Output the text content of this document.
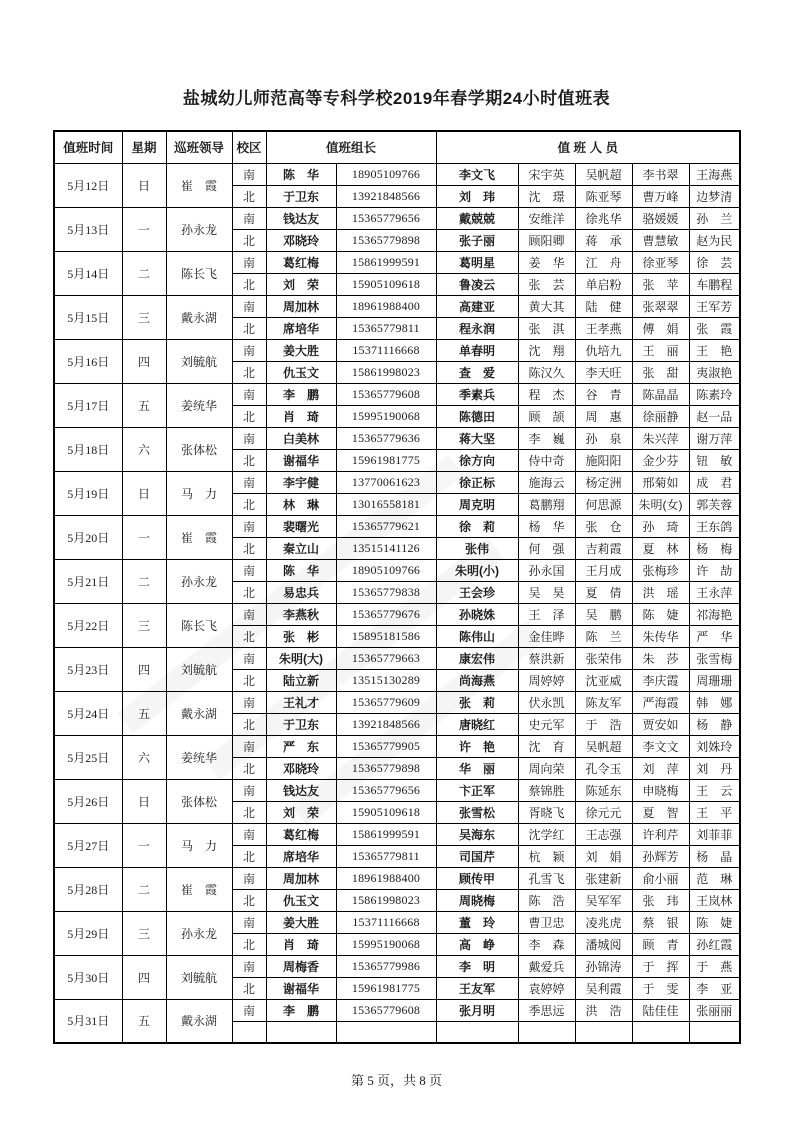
盐城幼儿师范高等专科学校2019年春学期24小时值班表
值班时间	星期	巡班领导	校区	值班组长		值 班 人 员				
5月12日	日	崔　霞	南	陈　华	18905109766	李文飞	宋宇英	吴帆超	李书翠	王海燕
			北	于卫东	13921848566	刘　玮	沈　璟	陈亚琴	曹万峰	边梦清
5月13日	一	孙永龙	南	钱达友	15365779656	戴兢兢	安维洋	徐兆华	骆媛媛	孙　兰
			北	邓晓玲	15365779898	张子丽	顾阳卿	蒋　承	曹慧敏	赵为民
5月14日	二	陈长飞	南	葛红梅	15861999591	葛明星	姜　华	江　舟	徐亚琴	徐　芸
			北	刘　荣	15905109618	鲁凌云	张　芸	单启粉	张　苹	车鹏程
5月15日	三	戴永湖	南	周加林	18961988400	高建亚	黄大其	陆　健	张翠翠	王军芳
			北	席培华	15365779811	程永润	张　淇	王孝燕	傅　娟	张　霞
5月16日	四	刘毓航	南	姜大胜	15371116668	单春明	沈　翔	仇培九	王　丽	王　艳
			北	仇玉文	15861998023	查　爱	陈汉久	李天旺	张　甜	夷淑艳
5月17日	五	姜统华	南	李　鹏	15365779608	季素兵	程　杰	谷　青	陈晶晶	陈素玲
			北	肖　琦	15995190068	陈德田	顾　颉	周　惠	徐丽静	赵一品
5月18日	六	张体松	南	白美林	15365779636	蒋大坚	李　巍	孙　泉	朱兴萍	谢万萍
			北	谢福华	15961981775	徐方向	侍中奇	施阳阳	金少芬	钮　敏
5月19日	日	马　力	南	李宇健	13770061623	徐正标	施海云	杨定洲	邢菊如	成　君
			北	林　琳	13016558181	周克明	葛鹏翔	何思源	朱明(女)	郭芙蓉
5月20日	一	崔　霞	南	裴曙光	15365779621	徐　莉	杨　华	张　仓	孙　琦	王东鸽
			北	秦立山	13515141126	张伟	何　强	吉莉霞	夏　林	杨　梅
5月21日	二	孙永龙	南	陈　华	18905109766	朱明(小)	孙永国	王月成	张梅珍	许　劼
			北	易忠兵	15365779838	王会珍	吴　昊	夏　倩	洪　瑶	王永萍
5月22日	三	陈长飞	南	李燕秋	15365779676	孙晓姝	王　泽	吴　鹏	陈　婕	祁海艳
			北	张　彬	15895181586	陈伟山	金佳晔	陈　兰	朱传华	严　华
5月23日	四	刘毓航	南	朱明(大)	15365779663	康宏伟	蔡洪新	张荣伟	朱　莎	张雪梅
			北	陆立新	13515130289	尚海燕	周婷婷	沈亚威	李庆霞	周珊珊
5月24日	五	戴永湖	南	王礼才	15365779609	张　莉	伏永凯	陈友军	严海霞	韩　娜
			北	于卫东	13921848566	唐晓红	史元军	于　浩	贾安如	杨　静
5月25日	六	姜统华	南	严　东	15365779905	许　艳	沈　育	吴帆超	李文文	刘姝玲
			北	邓晓玲	15365779898	华　丽	周向荣	孔令玉	刘　萍	刘　丹
5月26日	日	张体松	南	钱达友	15365779656	卞正军	蔡锦胜	陈延东	申晓梅	王　云
			北	刘　荣	15905109618	张雪松	胥晓飞	徐元元	夏　智	王　平
5月27日	一	马　力	南	葛红梅	15861999591	吴海东	沈学红	王志强	许利芹	刘菲菲
			北	席培华	15365779811	司国芹	杭　颖	刘　娟	孙辉芳	杨　晶
5月28日	二	崔　霞	南	周加林	18961988400	顾传甲	孔雪飞	张建新	俞小丽	范　琳
			北	仇玉文	15861998023	周晓梅	陈　浩	吴军军	张　玮	王岚林
5月29日	三	孙永龙	南	姜大胜	15371116668	董　玲	曹卫忠	凌兆虎	蔡　银	陈　婕
			北	肖　琦	15995190068	高　峥	李　森	潘城阅	顾　青	孙红霞
5月30日	四	刘毓航	南	周梅香	15365779986	李　明	戴爱兵	孙锦涛	于　挥	于　燕
			北	谢福华	15961981775	王友军	袁婷婷	吴利霞	于　雯	李　亚
5月31日	五	戴永湖	南	李　鹏	15365779608	张月明	季思远	洪　浩	陆佳佳	张丽丽

第 5 页，共 8 页
